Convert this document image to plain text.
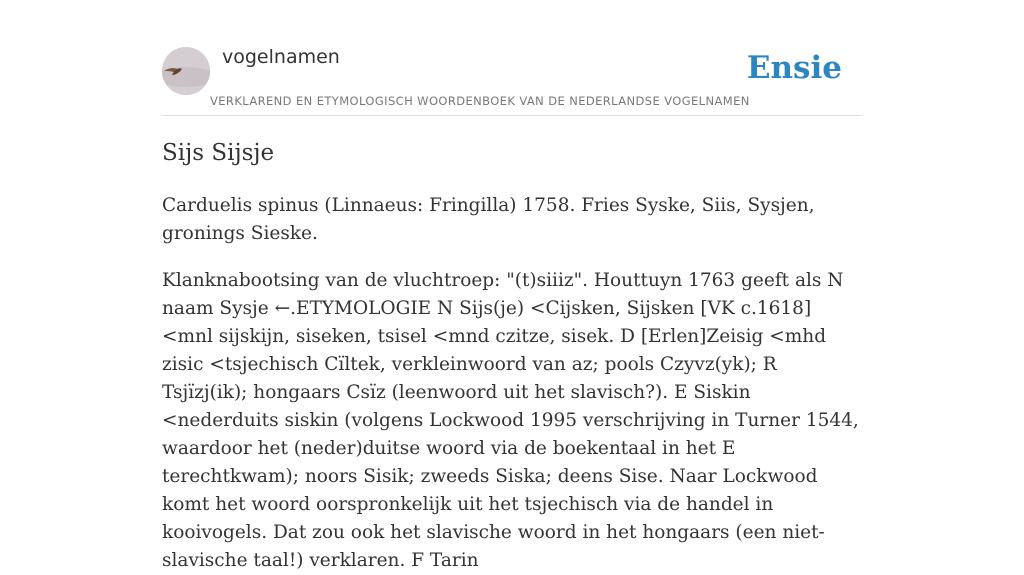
vogelnamen	Ensie
VERKLAREND EN ETYMOLOGISCH WOORDENBOEK VAN DE NEDERLANDSE VOGELNAMEN
Sijs Sijsje

Carduelis spinus (Linnaeus: Fringilla) 1758. Fries Syske, Siis, Sysjen, gronings Sieske.

Klanknabootsing van de vluchtroep: "(t)siiiz". Houttuyn 1763 geeft als N naam Sysje ←.ETYMOLOGIE N Sijs(je) <Cijsken, Sijsken [VK c.1618] <mnl sijskijn, siseken, tsisel <mnd czitze, sisek. D [Erlen]Zeisig <mhd zisic <tsjechisch Cïltek, verkleinwoord van az; pools Czyvz(yk); R Tsjïzj(ik); hongaars Csïz (leenwoord uit het slavisch?). E Siskin <nederduits siskin (volgens Lockwood 1995 verschrijving in Turner 1544, waardoor het (neder)duitse woord via de boekentaal in het E terechtkwam); noors Sisik; zweeds Siska; deens Sise. Naar Lockwood komt het woord oorspronkelijk uit het tsjechisch via de handel in kooivogels. Dat zou ook het slavische woord in het hongaars (een niet-slavische taal!) verklaren. F Tarin
